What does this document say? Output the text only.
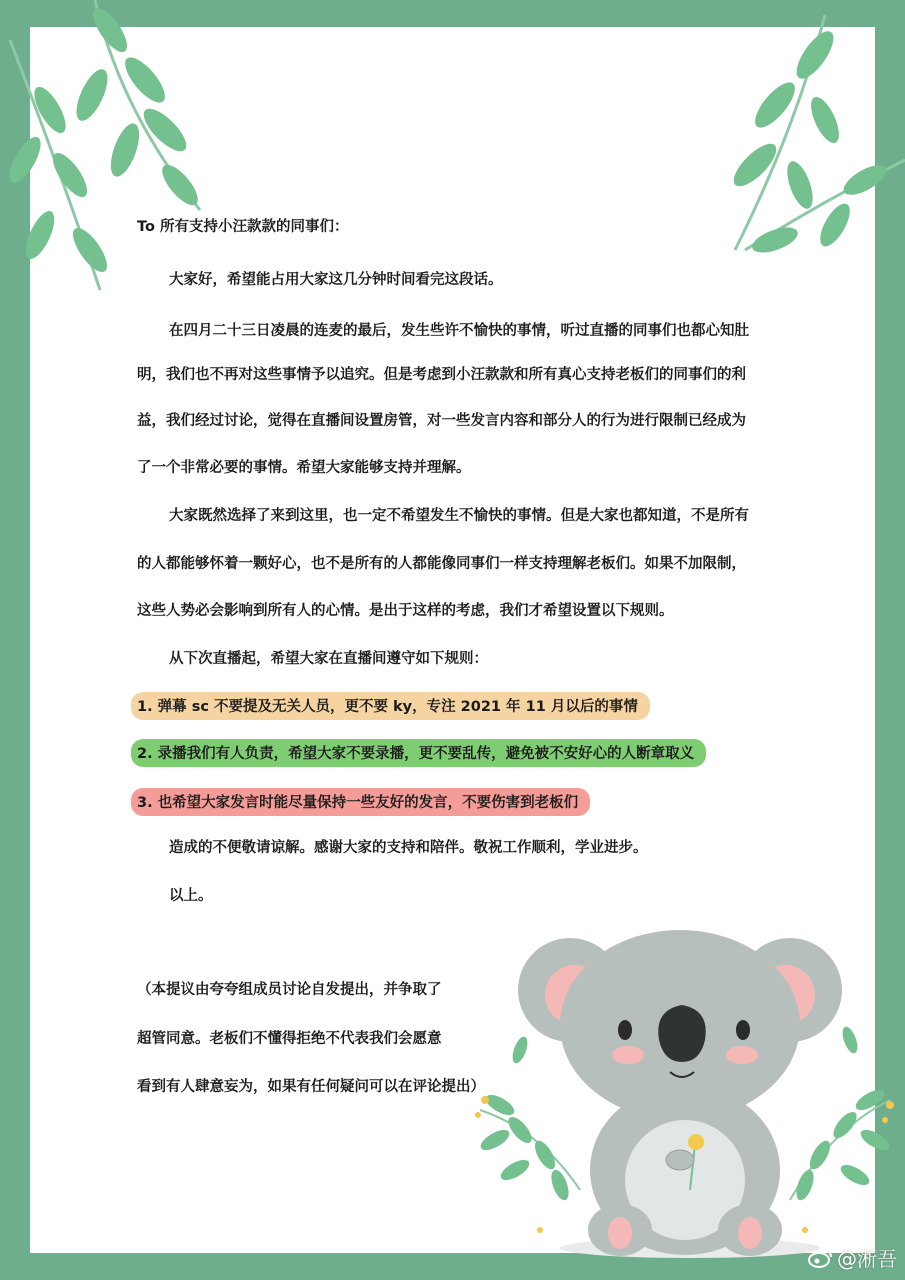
To 所有支持小汪款款的同事们：
大家好，希望能占用大家这几分钟时间看完这段话。
在四月二十三日凌晨的连麦的最后，发生些许不愉快的事情，听过直播的同事们也都心知肚
明，我们也不再对这些事情予以追究。但是考虑到小汪款款和所有真心支持老板们的同事们的利
益，我们经过讨论，觉得在直播间设置房管，对一些发言内容和部分人的行为进行限制已经成为
了一个非常必要的事情。希望大家能够支持并理解。
大家既然选择了来到这里，也一定不希望发生不愉快的事情。但是大家也都知道，不是所有
的人都能够怀着一颗好心，也不是所有的人都能像同事们一样支持理解老板们。如果不加限制，
这些人势必会影响到所有人的心情。是出于这样的考虑，我们才希望设置以下规则。
从下次直播起，希望大家在直播间遵守如下规则：
1. 弹幕 sc 不要提及无关人员，更不要 ky，专注 2021 年 11 月以后的事情
2. 录播我们有人负责，希望大家不要录播，更不要乱传，避免被不安好心的人断章取义
3. 也希望大家发言时能尽量保持一些友好的发言，不要伤害到老板们
造成的不便敬请谅解。感谢大家的支持和陪伴。敬祝工作顺利，学业进步。
以上。
（本提议由夸夸组成员讨论自发提出，并争取了
超管同意。老板们不懂得拒绝不代表我们会愿意
看到有人肆意妄为，如果有任何疑问可以在评论提出）
@淅吾
